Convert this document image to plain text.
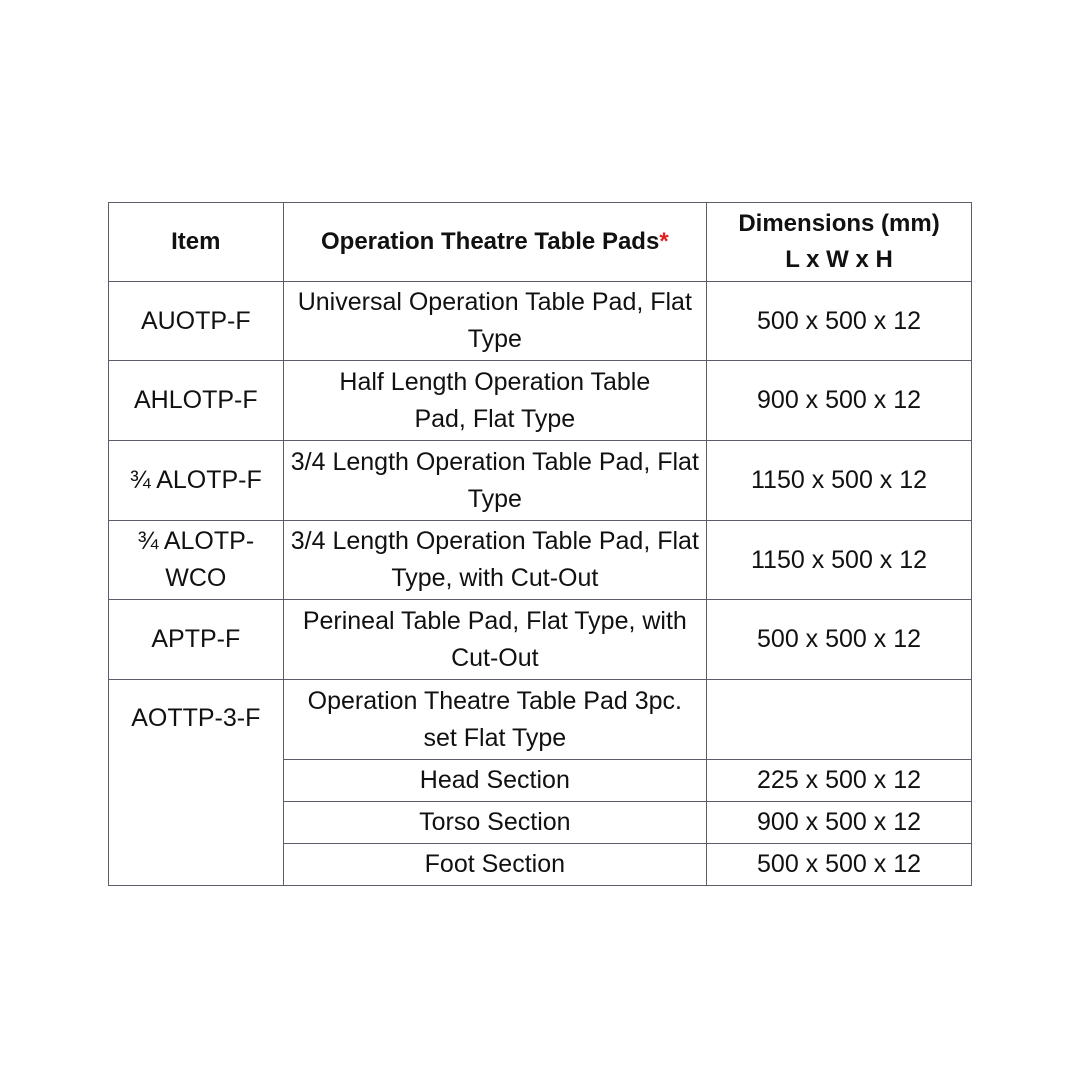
Item	Operation Theatre Table Pads*	Dimensions (mm)
L x W x H
AUOTP-F	Universal Operation Table Pad, Flat Type	500 x 500 x 12
AHLOTP-F	Half Length Operation Table Pad, Flat Type	900 x 500 x 12
¾ ALOTP-F	3/4 Length Operation Table Pad, Flat Type	1150 x 500 x 12
¾ ALOTP-WCO	3/4 Length Operation Table Pad, Flat Type, with Cut-Out	1150 x 500 x 12
APTP-F	Perineal Table Pad, Flat Type, with Cut-Out	500 x 500 x 12
AOTTP-3-F	Operation Theatre Table Pad 3pc. set Flat Type	
	Head Section	225 x 500 x 12
	Torso Section	900 x 500 x 12
	Foot Section	500 x 500 x 12
